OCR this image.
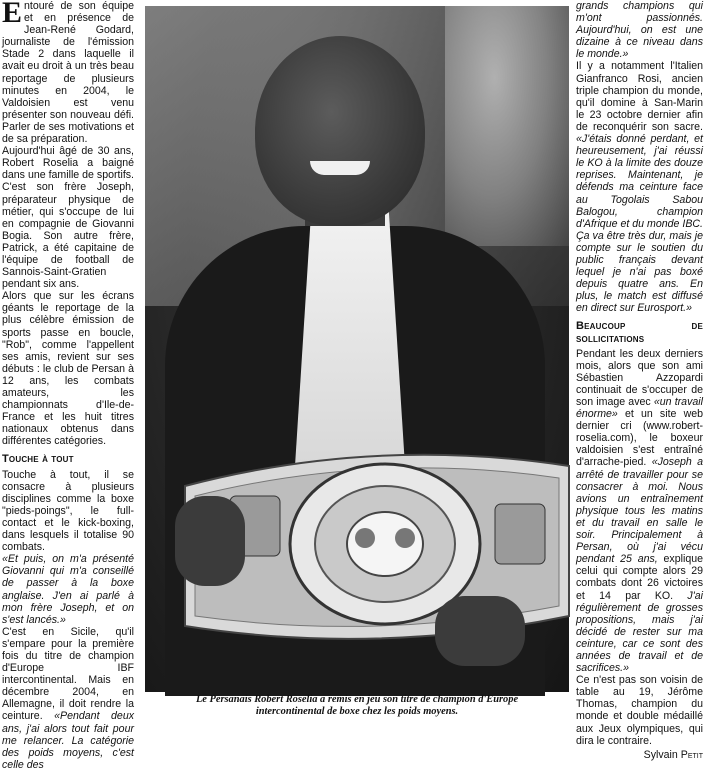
Entouré de son équipe et en présence de Jean-René Godard, journaliste de l'émission Stade 2 dans laquelle il avait eu droit à un très beau reportage de plusieurs minutes en 2004, le Valdoisien est venu présenter son nouveau défi. Parler de ses motivations et de sa préparation.

Aujourd'hui âgé de 30 ans, Robert Roselia a baigné dans une famille de sportifs. C'est son frère Joseph, préparateur physique de métier, qui s'occupe de lui en compagnie de Giovanni Bogia. Son autre frère, Patrick, a été capitaine de l'équipe de football de Sannois-Saint-Gratien pendant six ans.

Alors que sur les écrans géants le reportage de la plus célèbre émission de sports passe en boucle, "Rob", comme l'appellent ses amis, revient sur ses débuts : le club de Persan à 12 ans, les combats amateurs, les championnats d'Ile-de-France et les huit titres nationaux obtenus dans différentes catégories.

Touche à tout

Touche à tout, il se consacre à plusieurs disciplines comme la boxe "pieds-poings", le full-contact et le kick-boxing, dans lesquels il totalise 90 combats.

«Et puis, on m'a présenté Giovanni qui m'a conseillé de passer à la boxe anglaise. J'en ai parlé à mon frère Joseph, et on s'est lancés.»

C'est en Sicile, qu'il s'empare pour la première fois du titre de champion d'Europe IBF intercontinental. Mais en décembre 2004, en Allemagne, il doit rendre la ceinture. «Pendant deux ans, j'ai alors tout fait pour me relancer. La catégorie des poids moyens, c'est celle des

Le Persanais Robert Roselia a remis en jeu son titre de champion d'Europe
intercontinental de boxe chez les poids moyens.

grands champions qui m'ont passionnés. Aujourd'hui, on est une dizaine à ce niveau dans le monde.»

Il y a notamment l'Italien Gianfranco Rosi, ancien triple champion du monde, qu'il domine à San-Marin le 23 octobre dernier afin de reconquérir son sacre. «J'étais donné perdant, et heureusement, j'ai réussi le KO à la limite des douze reprises. Maintenant, je défends ma ceinture face au Togolais Sabou Balogou, champion d'Afrique et du monde IBC. Ça va être très dur, mais je compte sur le soutien du public français devant lequel je n'ai pas boxé depuis quatre ans. En plus, le match est diffusé en direct sur Eurosport.»

Beaucoup de sollicitations

Pendant les deux derniers mois, alors que son ami Sébastien Azzopardi continuait de s'occuper de son image avec «un travail énorme» et un site web dernier cri (www.robert-roselia.com), le boxeur valdoisien s'est entraîné d'arrache-pied. «Joseph a arrêté de travailler pour se consacrer à moi. Nous avions un entraînement physique tous les matins et du travail en salle le soir. Principalement à Persan, où j'ai vécu pendant 25 ans, explique celui qui compte alors 29 combats dont 26 victoires et 14 par KO. J'ai régulièrement de grosses propositions, mais j'ai décidé de rester sur ma ceinture, car ce sont des années de travail et de sacrifices.»

Ce n'est pas son voisin de table au 19, Jérôme Thomas, champion du monde et double médaillé aux Jeux olympiques, qui dira le contraire.

Sylvain Petit
